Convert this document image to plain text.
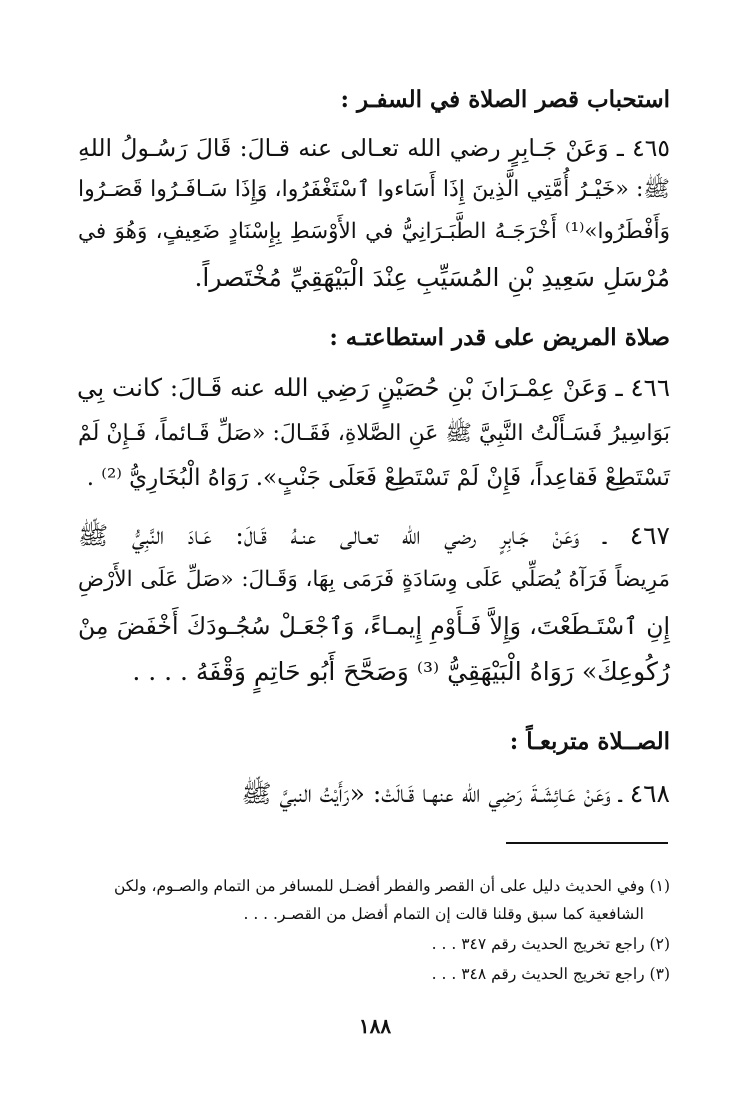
استحباب قصر الصلاة في السفـر :
٤٦٥ ـ وَعَنْ جَـابِرٍ رضي الله تعـالى عنه قـالَ: قَالَ رَسُـولُ اللهِ
ﷺ: «خَيْـرُ أُمَّتِي الَّذِينَ إِذَا أَسَاءوا ٱسْتَغْفَرُوا، وَإِذَا سَـافَـرُوا قَصَـرُوا
وَأَفْطَرُوا»⁽¹⁾ أَخْرَجَـهُ الطَّبَـرَانِيُّ في الأَوْسَطِ بِإِسْنَادٍ ضَعِيفٍ، وَهُوَ في
مُرْسَلِ سَعِيدِ بْنِ المُسَيِّبِ عِنْدَ الْبَيْهَقِيِّ مُخْتَصراً.
صلاة المريض على قدر استطاعتـه :
٤٦٦ ـ وَعَنْ عِمْـرَانَ بْنِ حُصَيْنٍ رَضِي الله عنه قَـالَ: كانت بِي
بَوَاسِيرُ فَسَـأَلْتُ النَّبِيَّ ﷺ عَنِ الصَّلاةِ، فَقَـالَ: «صَلِّ قَـائماً، فَـإِنْ لَمْ
تَسْتَطِعْ فَقاعِداً، فَإِنْ لَمْ تَسْتَطِعْ فَعَلَى جَنْبٍ». رَوَاهُ الْبُخَارِيُّ ⁽²⁾ .
٤٦٧ ـ وَعَنْ جَـابِرٍ رضي الله تعـالى عنـهُ قَـالَ: عَـادَ النَّبِيُّ ﷺ
مَرِيضاً فَرَآهُ يُصَلِّي عَلَى وِسَادَةٍ فَرَمَى بِهَا، وَقَـالَ: «صَلِّ عَلَى الأَرْضِ
إِنِ ٱسْتَـطَعْتَ، وَإِلاَّ فَـأَوْمِ إِيمـاءً، وَٱجْعَـلْ سُجُـودَكَ أَخْفَضَ مِنْ
رُكُوعِكَ» رَوَاهُ الْبَيْهَقِيُّ ⁽³⁾ وَصَحَّحَ أَبُو حَاتِمٍ وَقْفَهُ . . . .
الصــلاة متربعـاً :
٤٦٨ ـ وَعَنْ عَـائِشَـةَ رَضِي الله عنهـا قَـالَتْ: «رَأَيْتُ النبيَّ ﷺ
(١) وفي الحديث دليل على أن القصر والفطر أفضـل للمسافر من التمام والصـوم، ولكن
الشافعية كما سبق وقلنا قالت إن التمام أفضل من القصـر. . . .
(٢) راجع تخريج الحديث رقم ٣٤٧ . . .
(٣) راجع تخريج الحديث رقم ٣٤٨ . . .
١٨٨
